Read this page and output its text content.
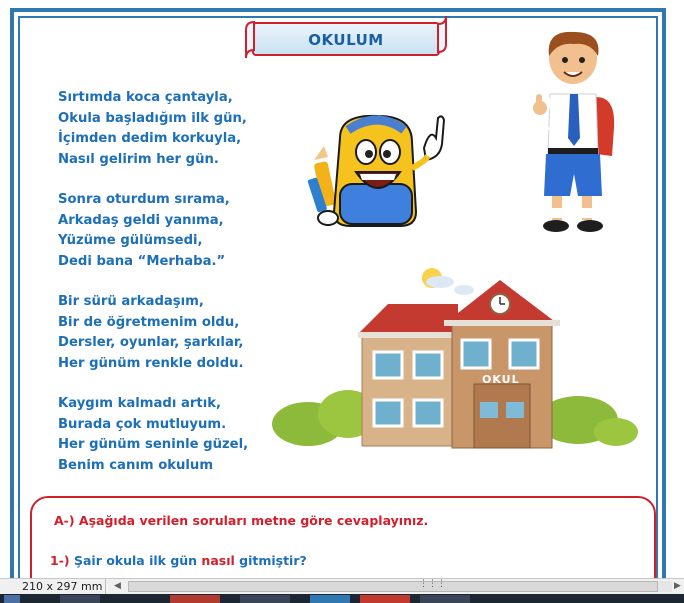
OKULUM
Sırtımda koca çantayla,
Okula başladığım ilk gün,
İçimden dedim korkuyla,
Nasıl gelirim her gün.
Sonra oturdum sırama,
Arkadaş geldi yanıma,
Yüzüme gülümsedi,
Dedi bana “Merhaba.”
Bir sürü arkadaşım,
Bir de öğretmenim oldu,
Dersler, oyunlar, şarkılar,
Her günüm renkle doldu.
Kaygım kalmadı artık,
Burada çok mutluyum.
Her günüm seninle güzel,
Benim canım okulum
OKUL
A-) Aşağıda verilen soruları metne göre cevaplayınız.
1-) Şair okula ilk gün nasıl gitmiştir?
210 x 297 mm	◀	⋮⋮⋮	▶
